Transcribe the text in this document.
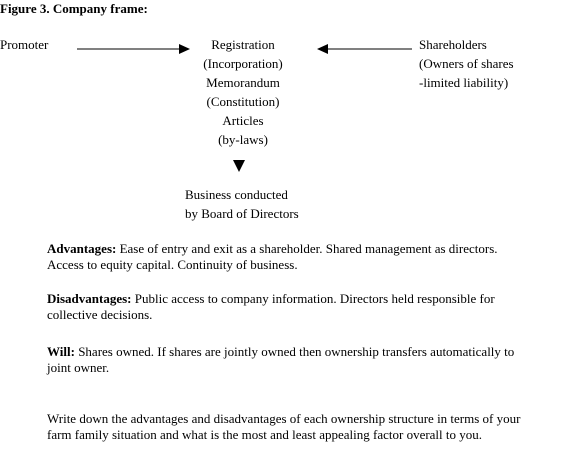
Figure 3. Company frame:
Promoter	Registration
(Incorporation)
Memorandum
(Constitution)
Articles
(by-laws)
Shareholders
(Owners of shares
-limited liability)
Business conducted
by Board of Directors
Advantages: Ease of entry and exit as a shareholder. Shared management as directors. Access to equity capital. Continuity of business.
Disadvantages: Public access to company information. Directors held responsible for collective decisions.
Will: Shares owned. If shares are jointly owned then ownership transfers automatically to joint owner.
Write down the advantages and disadvantages of each ownership structure in terms of your farm family situation and what is the most and least appealing factor overall to you.
